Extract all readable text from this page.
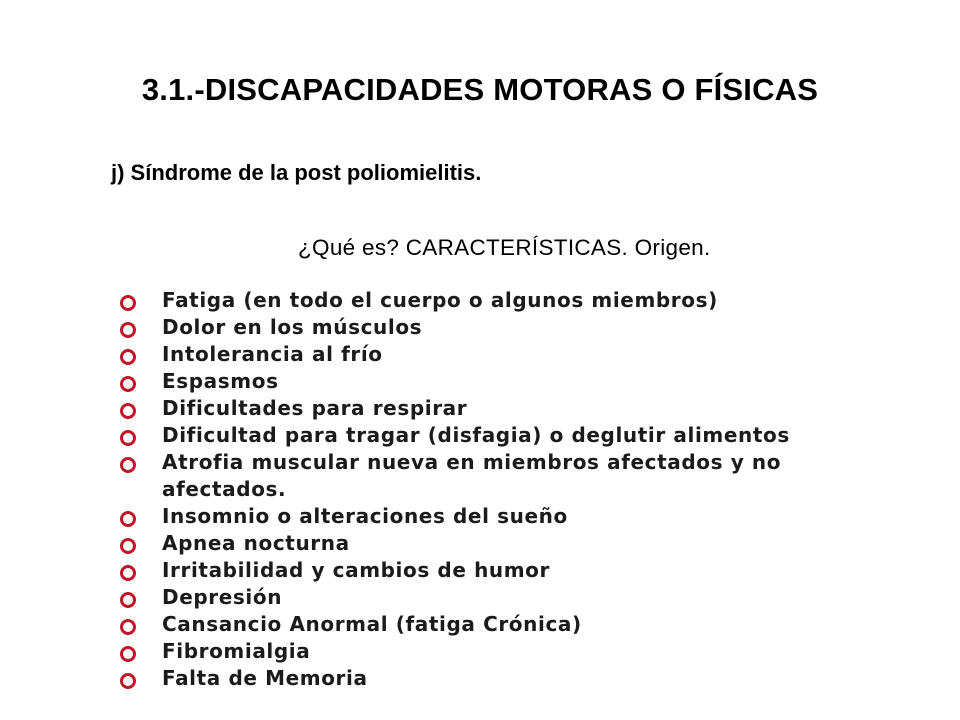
3.1.-DISCAPACIDADES MOTORAS O FÍSICAS
j) Síndrome de la post poliomielitis.
¿Qué es? CARACTERÍSTICAS. Origen.
Fatiga (en todo el cuerpo o algunos miembros)
Dolor en los músculos
Intolerancia al frío
Espasmos
Dificultades para respirar
Dificultad para tragar (disfagia) o deglutir alimentos
Atrofia muscular nueva en miembros afectados y no afectados.
Insomnio o alteraciones del sueño
Apnea nocturna
Irritabilidad y cambios de humor
Depresión
Cansancio Anormal (fatiga Crónica)
Fibromialgia
Falta de Memoria
